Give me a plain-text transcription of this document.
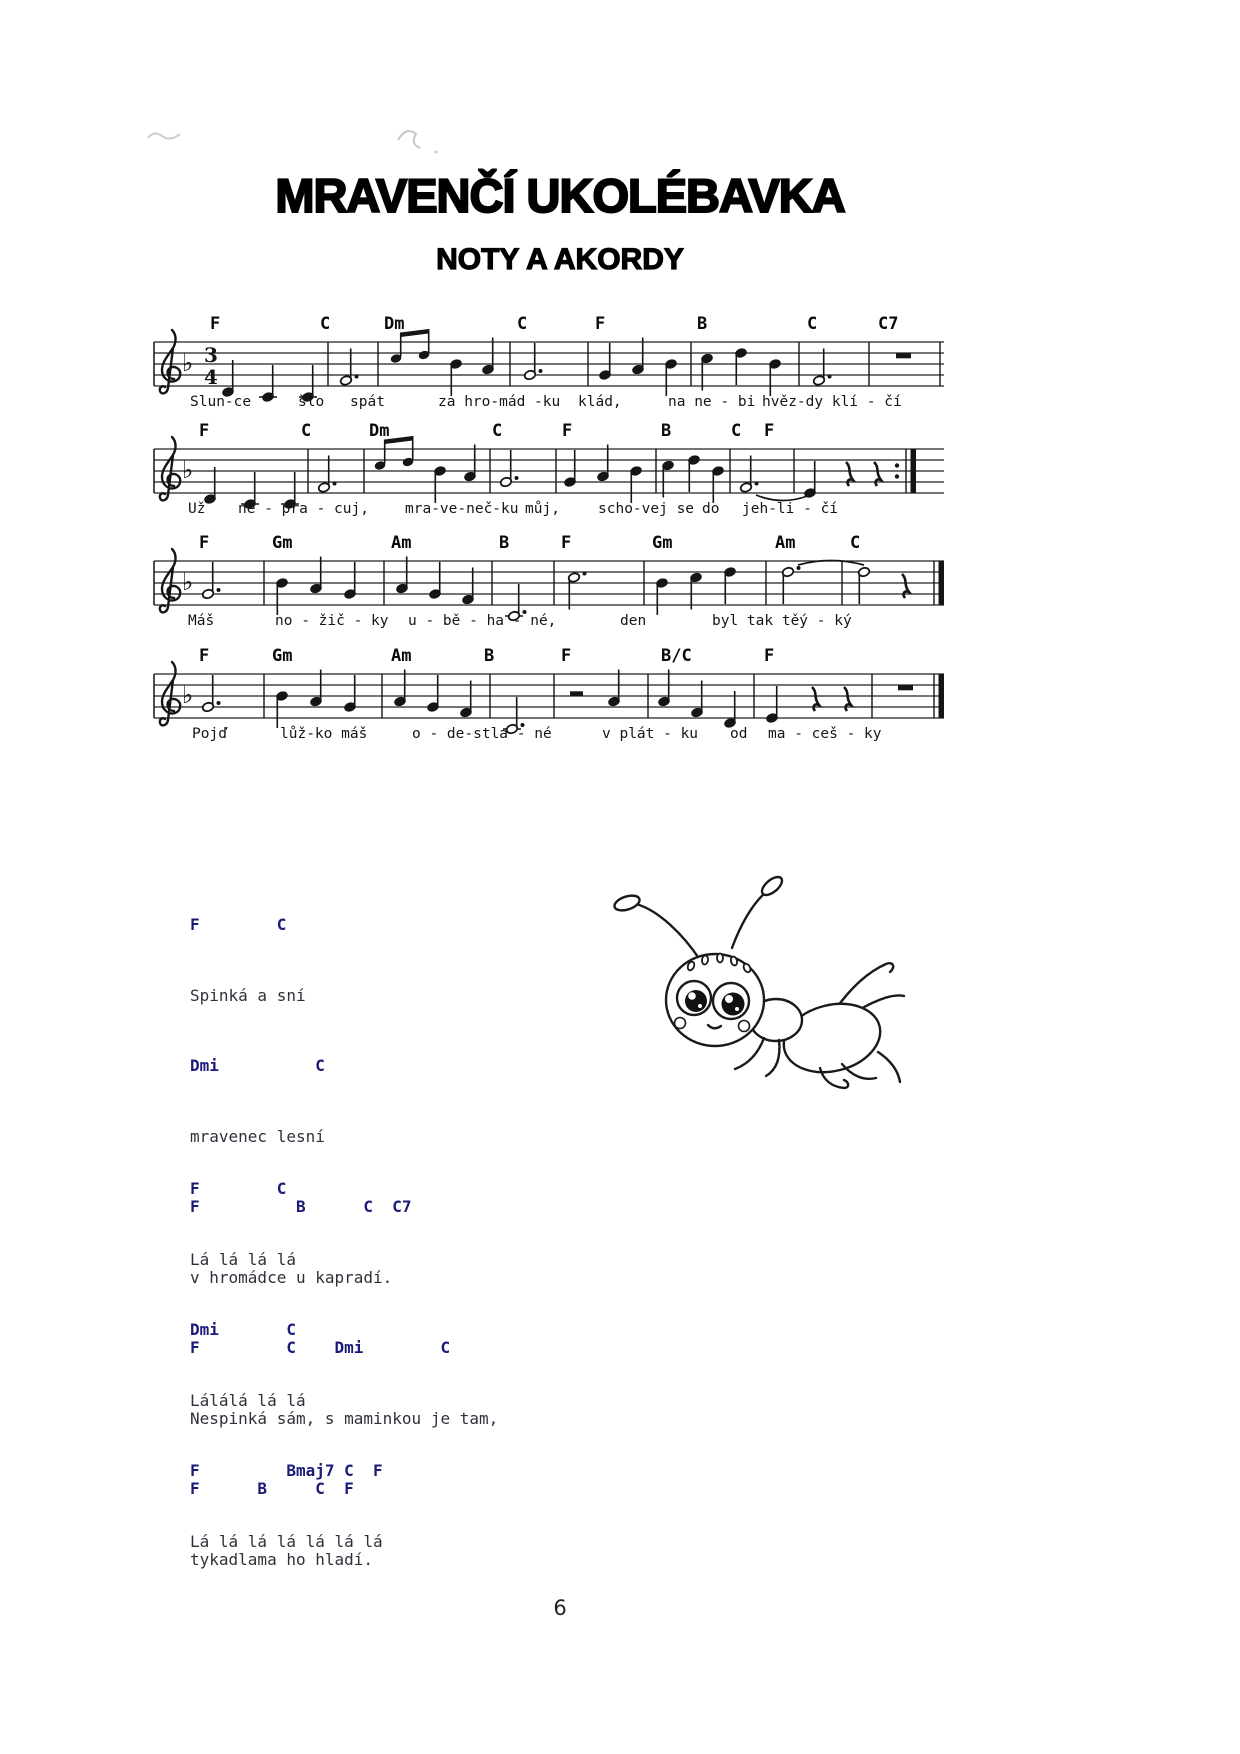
MRAVENČÍ UKOLÉBAVKA
NOTY A AKORDY
F	C	Dm	C	F	B	C	C7
♭ 3
4
Slun-ce	šlo spát	za hro-mád -ku klád,	na ne - bi hvěz-dy klí - čí
F	C	Dm	C	F	B	C F
♭
Už ne - pra - cuj, mra-ve-neč-ku můj,	scho-vej se do jeh-li - čí
F	Gm	Am	B	F	Gm	Am	C
♭
Máš	no - žič - ky u - bě - ha - né,	den	byl tak těý - ký
F	Gm	Am	B	F	B/C	F
♭
Pojď	lůž-ko máš	o - de-stla - né	v plát - ku od ma - ceš - ky

F        C

Spinká a sní

Dmi          C

mravenec lesní

F          B      C  C7

v hromádce u kapradí.

F         C    Dmi        C

Nespinká sám, s maminkou je tam,

F      B     C  F

tykadlama ho hladí.

F        C

Lá lá lá lá

Dmi       C

Lálálá lá lá

F         Bmaj7 C  F

Lá lá lá lá lá lá lá

6
